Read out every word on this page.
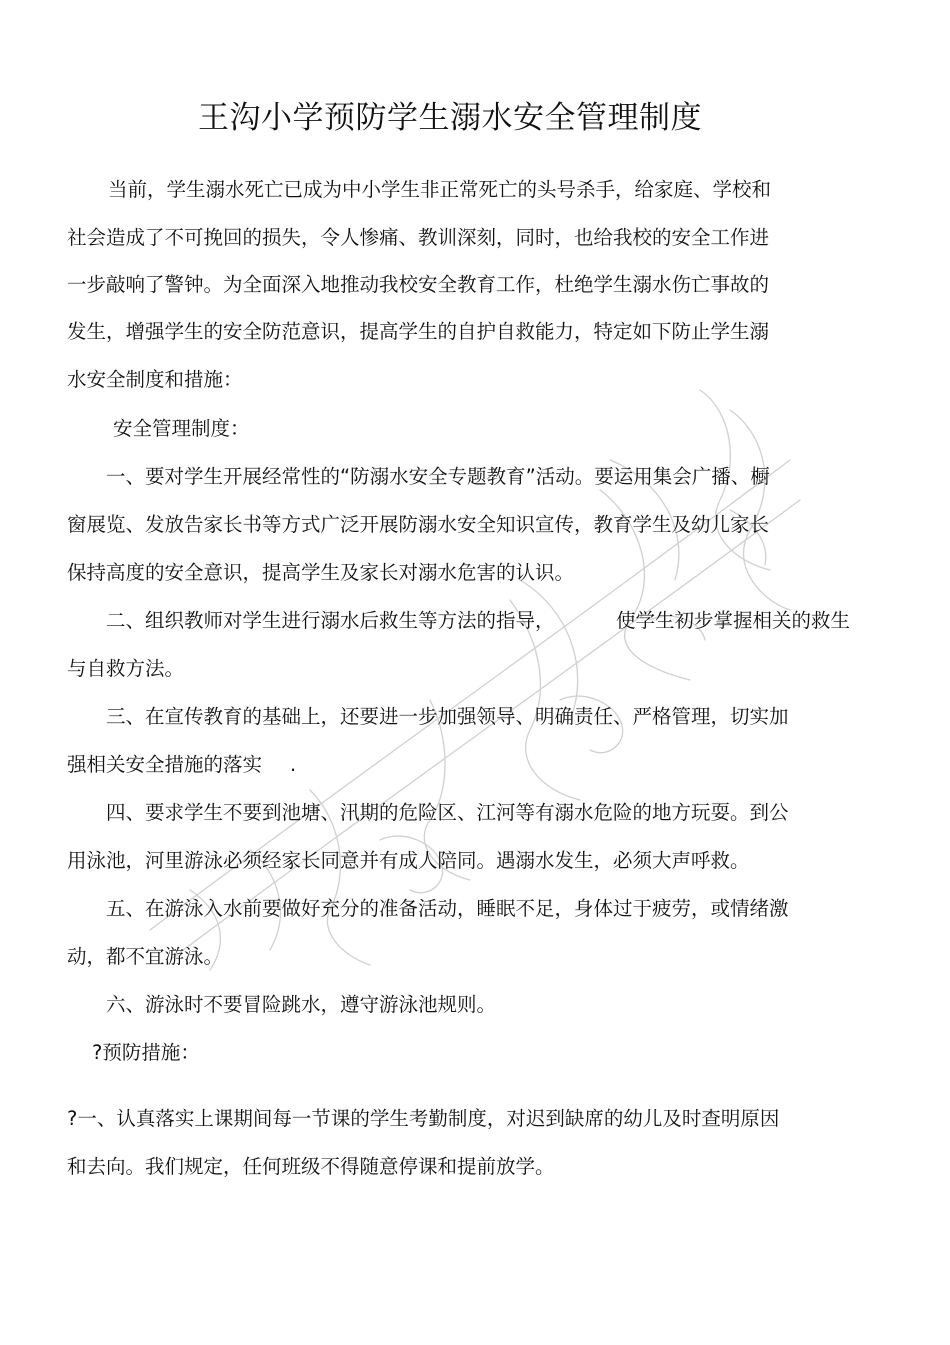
王沟小学预防学生溺水安全管理制度
当前，学生溺水死亡已成为中小学生非正常死亡的头号杀手，给家庭、学校和
社会造成了不可挽回的损失，令人惨痛、教训深刻，同时，也给我校的安全工作进
一步敲响了警钟。为全面深入地推动我校安全教育工作，杜绝学生溺水伤亡事故的
发生，增强学生的安全防范意识，提高学生的自护自救能力，特定如下防止学生溺
水安全制度和措施：
安全管理制度：
一、要对学生开展经常性的“防溺水安全专题教育”活动。要运用集会广播、橱
窗展览、发放告家长书等方式广泛开展防溺水安全知识宣传，教育学生及幼儿家长
保持高度的安全意识，提高学生及家长对溺水危害的认识。
二、组织教师对学生进行溺水后救生等方法的指导，	使学生初步掌握相关的救生
与自救方法。
三、在宣传教育的基础上，还要进一步加强领导、明确责任、严格管理，切实加
强相关安全措施的落实 .
四、要求学生不要到池塘、汛期的危险区、江河等有溺水危险的地方玩耍。到公
用泳池，河里游泳必须经家长同意并有成人陪同。遇溺水发生，必须大声呼救。
五、在游泳入水前要做好充分的准备活动，睡眠不足，身体过于疲劳，或情绪激
动，都不宜游泳。
六、游泳时不要冒险跳水，遵守游泳池规则。
?预防措施：
?一、认真落实上课期间每一节课的学生考勤制度，对迟到缺席的幼儿及时查明原因
和去向。我们规定，任何班级不得随意停课和提前放学。
